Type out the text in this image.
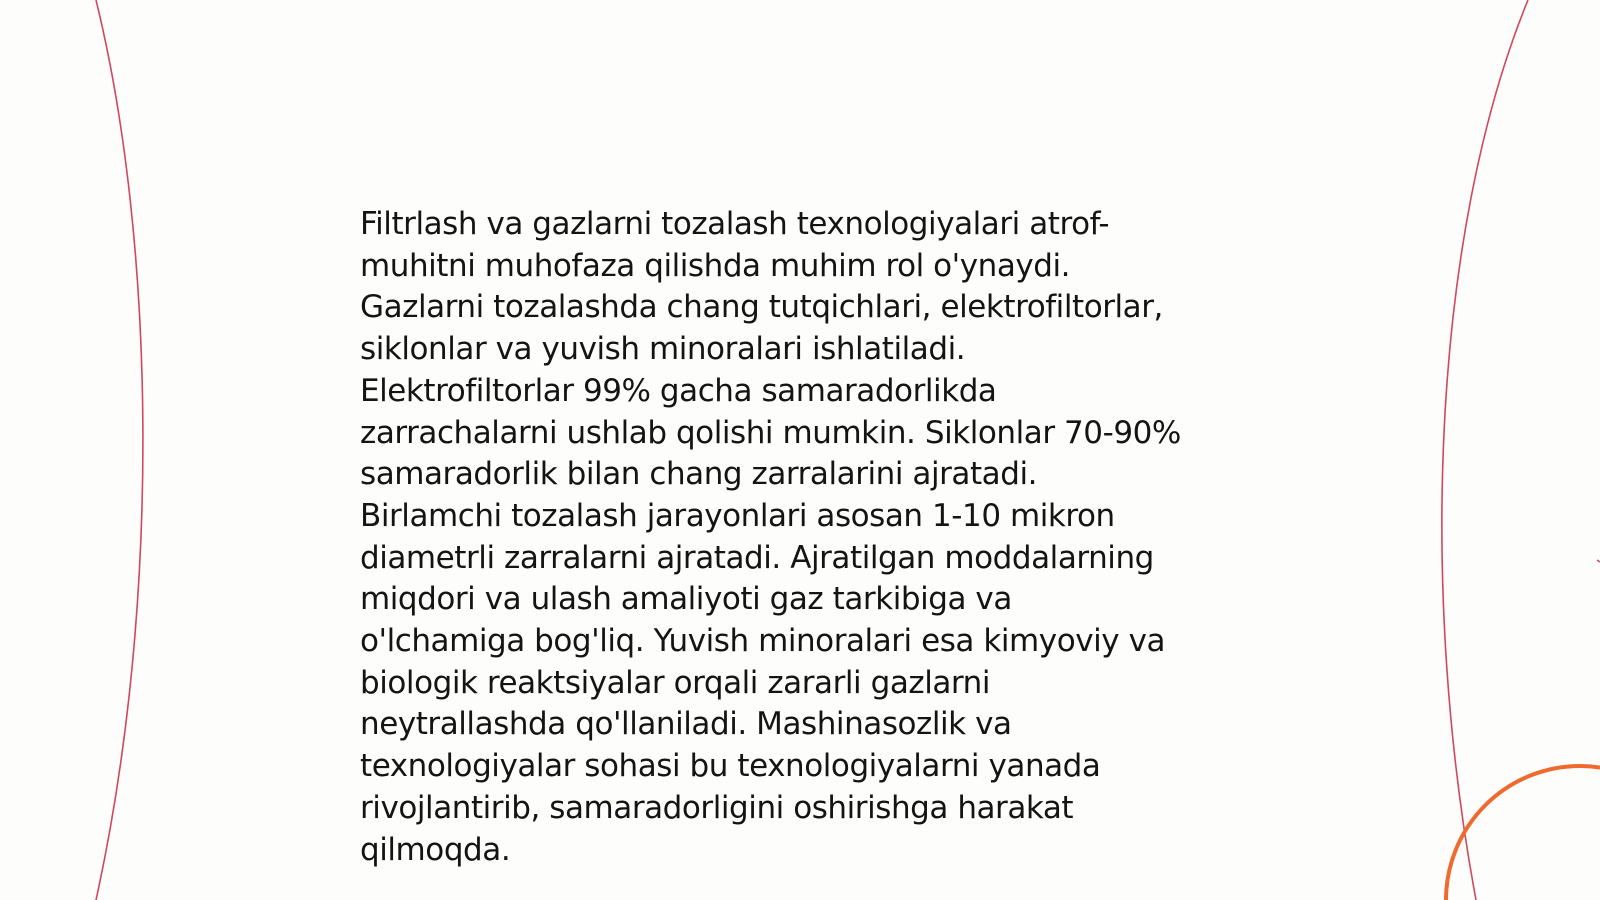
Filtrlash va gazlarni tozalash texnologiyalari atrof-
muhitni muhofaza qilishda muhim rol o'ynaydi.
Gazlarni tozalashda chang tutqichlari, elektrofiltorlar,
siklonlar va yuvish minoralari ishlatiladi.
Elektrofiltorlar 99% gacha samaradorlikda
zarrachalarni ushlab qolishi mumkin. Siklonlar 70-90%
samaradorlik bilan chang zarralarini ajratadi.
Birlamchi tozalash jarayonlari asosan 1-10 mikron
diametrli zarralarni ajratadi. Ajratilgan moddalarning
miqdori va ulash amaliyoti gaz tarkibiga va
o'lchamiga bog'liq. Yuvish minoralari esa kimyoviy va
biologik reaktsiyalar orqali zararli gazlarni
neytrallashda qo'llaniladi. Mashinasozlik va
texnologiyalar sohasi bu texnologiyalarni yanada
rivojlantirib, samaradorligini oshirishga harakat
qilmoqda.
